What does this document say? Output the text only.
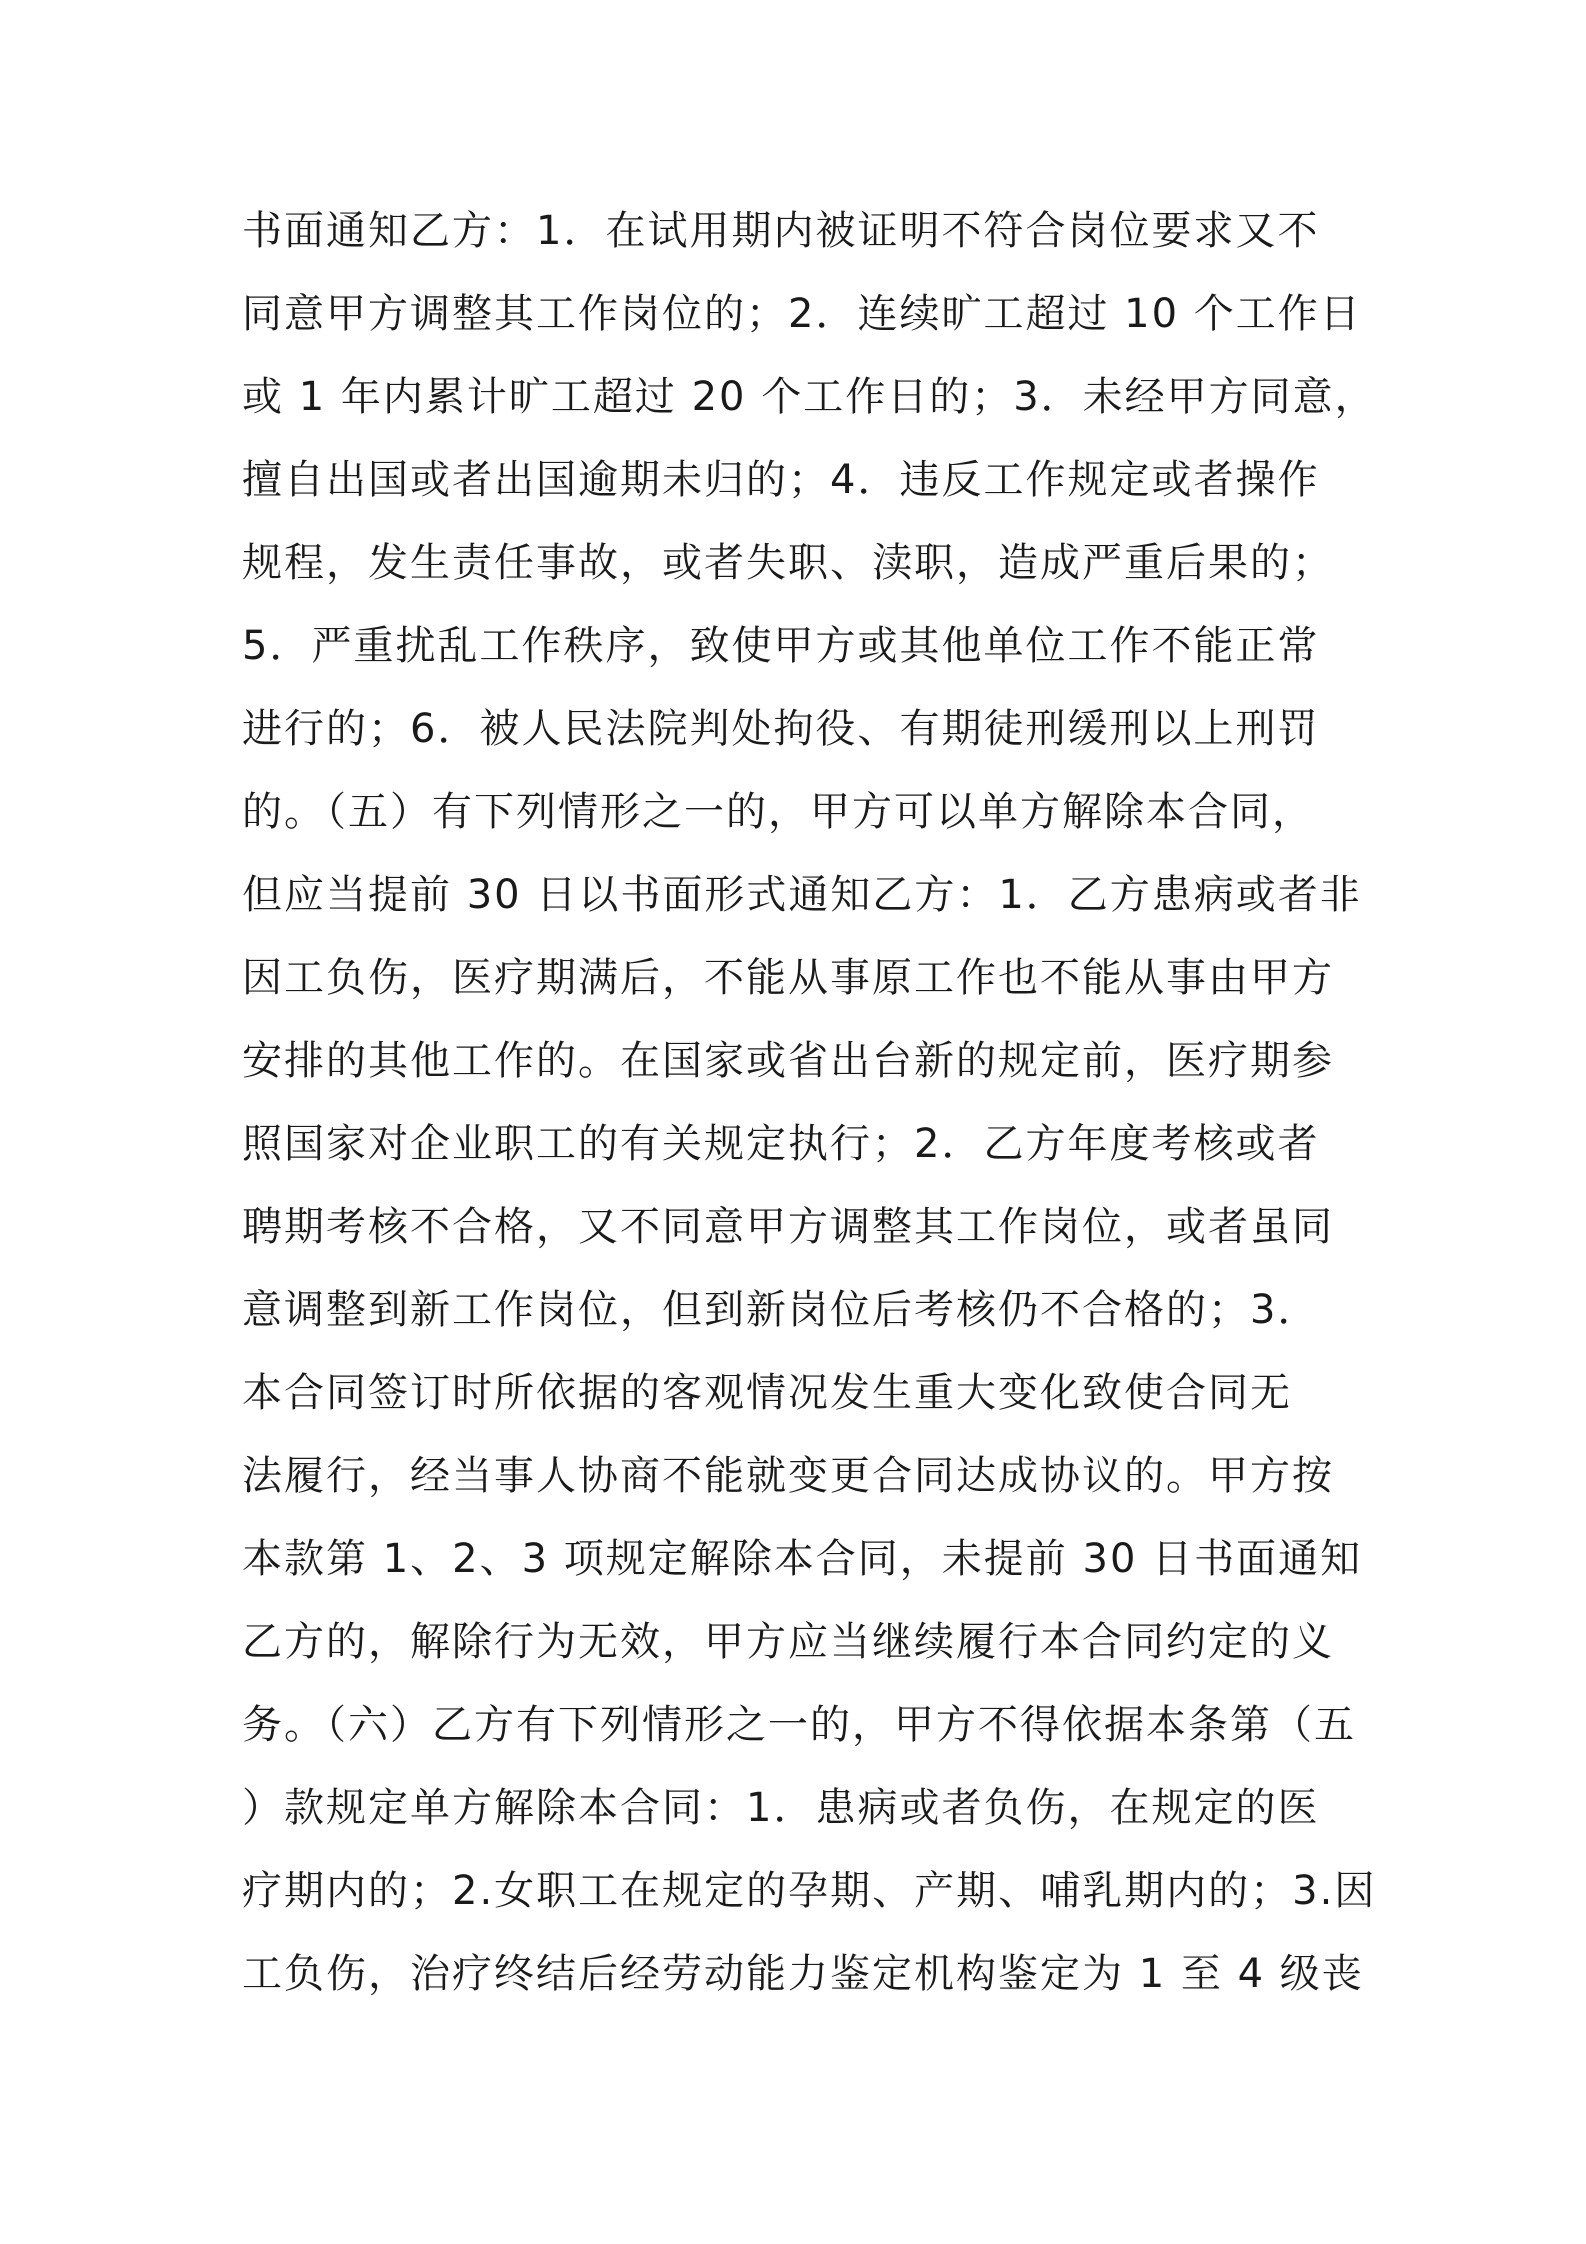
书面通知乙方：1．在试用期内被证明不符合岗位要求又不
同意甲方调整其工作岗位的；2．连续旷工超过 10 个工作日
或 1 年内累计旷工超过 20 个工作日的；3．未经甲方同意，
擅自出国或者出国逾期未归的；4．违反工作规定或者操作
规程，发生责任事故，或者失职、渎职，造成严重后果的；
5．严重扰乱工作秩序，致使甲方或其他单位工作不能正常
进行的；6．被人民法院判处拘役、有期徒刑缓刑以上刑罚
的。（五）有下列情形之一的，甲方可以单方解除本合同，
但应当提前 30 日以书面形式通知乙方：1．乙方患病或者非
因工负伤，医疗期满后，不能从事原工作也不能从事由甲方
安排的其他工作的。在国家或省出台新的规定前，医疗期参
照国家对企业职工的有关规定执行；2．乙方年度考核或者
聘期考核不合格，又不同意甲方调整其工作岗位，或者虽同
意调整到新工作岗位，但到新岗位后考核仍不合格的；3．
本合同签订时所依据的客观情况发生重大变化致使合同无
法履行，经当事人协商不能就变更合同达成协议的。甲方按
本款第 1、2、3 项规定解除本合同，未提前 30 日书面通知
乙方的，解除行为无效，甲方应当继续履行本合同约定的义
务。（六）乙方有下列情形之一的，甲方不得依据本条第（五
）款规定单方解除本合同：1．患病或者负伤，在规定的医
疗期内的；2.女职工在规定的孕期、产期、哺乳期内的；3.因
工负伤，治疗终结后经劳动能力鉴定机构鉴定为 1 至 4 级丧
